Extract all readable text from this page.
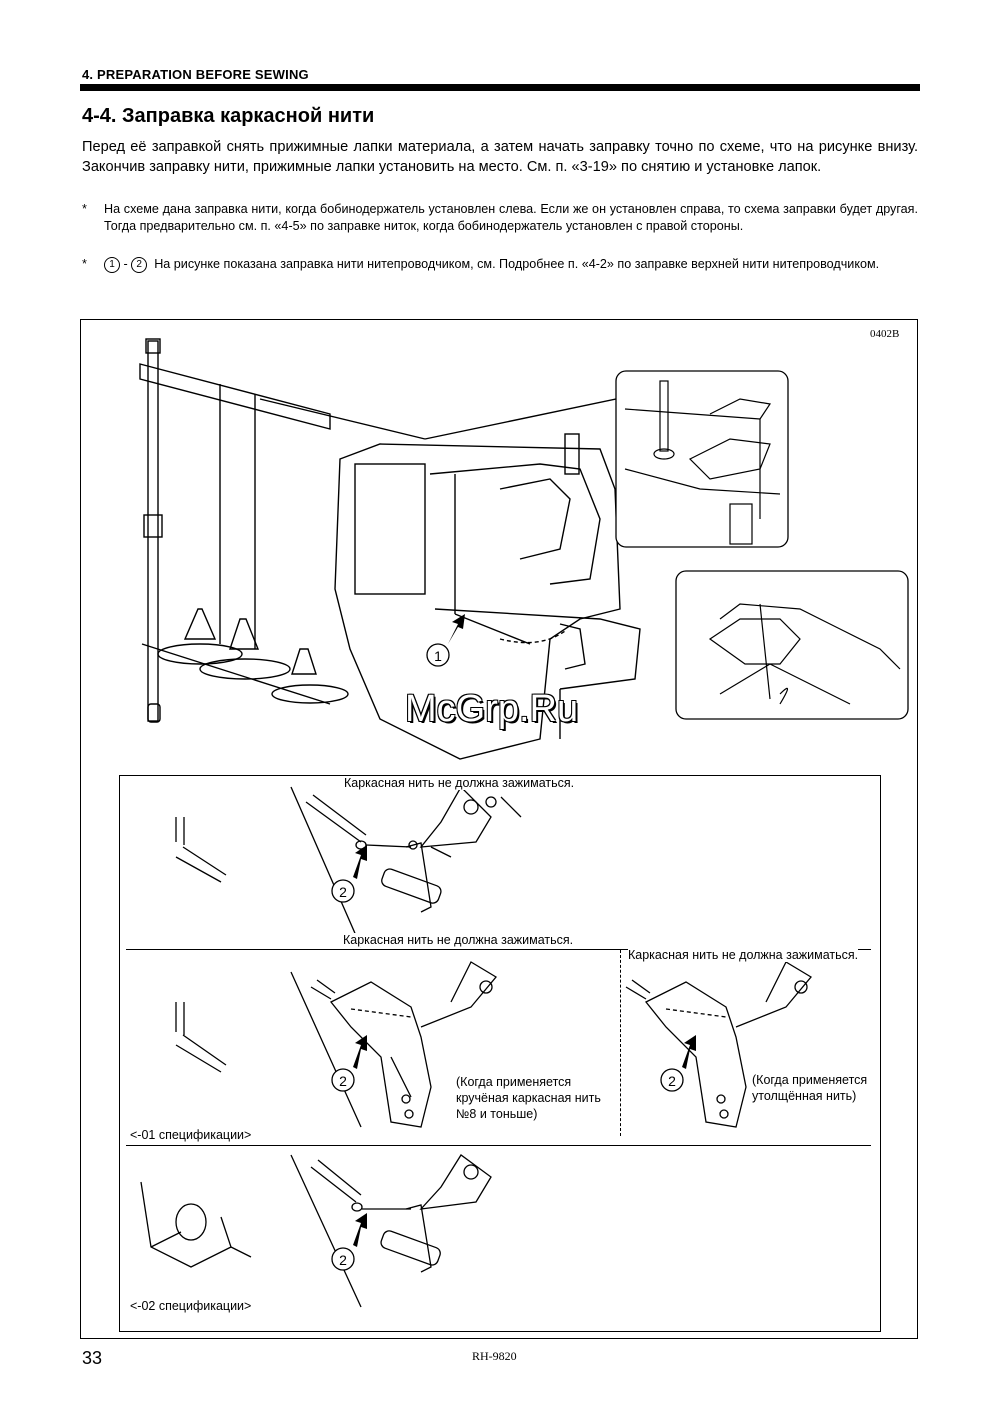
4. PREPARATION BEFORE SEWING
4-4. Заправка каркасной нити
Перед её заправкой снять прижимные лапки материала, а затем начать заправку точно по схеме, что на рисунке внизу. Закончив заправку нити, прижимные лапки установить на место. См. п. «3-19» по снятию и установке лапок.
* На схеме дана заправка нити, когда бобинодержатель установлен слева. Если же он установлен справа, то схема заправки будет другая. Тогда предварительно см. п. «4-5» по заправке ниток, когда бобинодержатель установлен с правой стороны.
*	1 - 2 На рисунке показана заправка нити нитепроводчиком, см. Подробнее п. «4-2» по заправке верхней нити нитепроводчиком.
0402B
1
McGrp.Ru
2
2	2
2
Каркасная нить не должна зажиматься.
Каркасная нить не должна зажиматься.
Каркасная нить не должна зажиматься.
(Когда применяется
кручёная каркасная нить
№8 и тоньше)
(Когда применяется
утолщённая нить)
<-01 спецификации>
<-02 спецификации>
33	RH-9820
